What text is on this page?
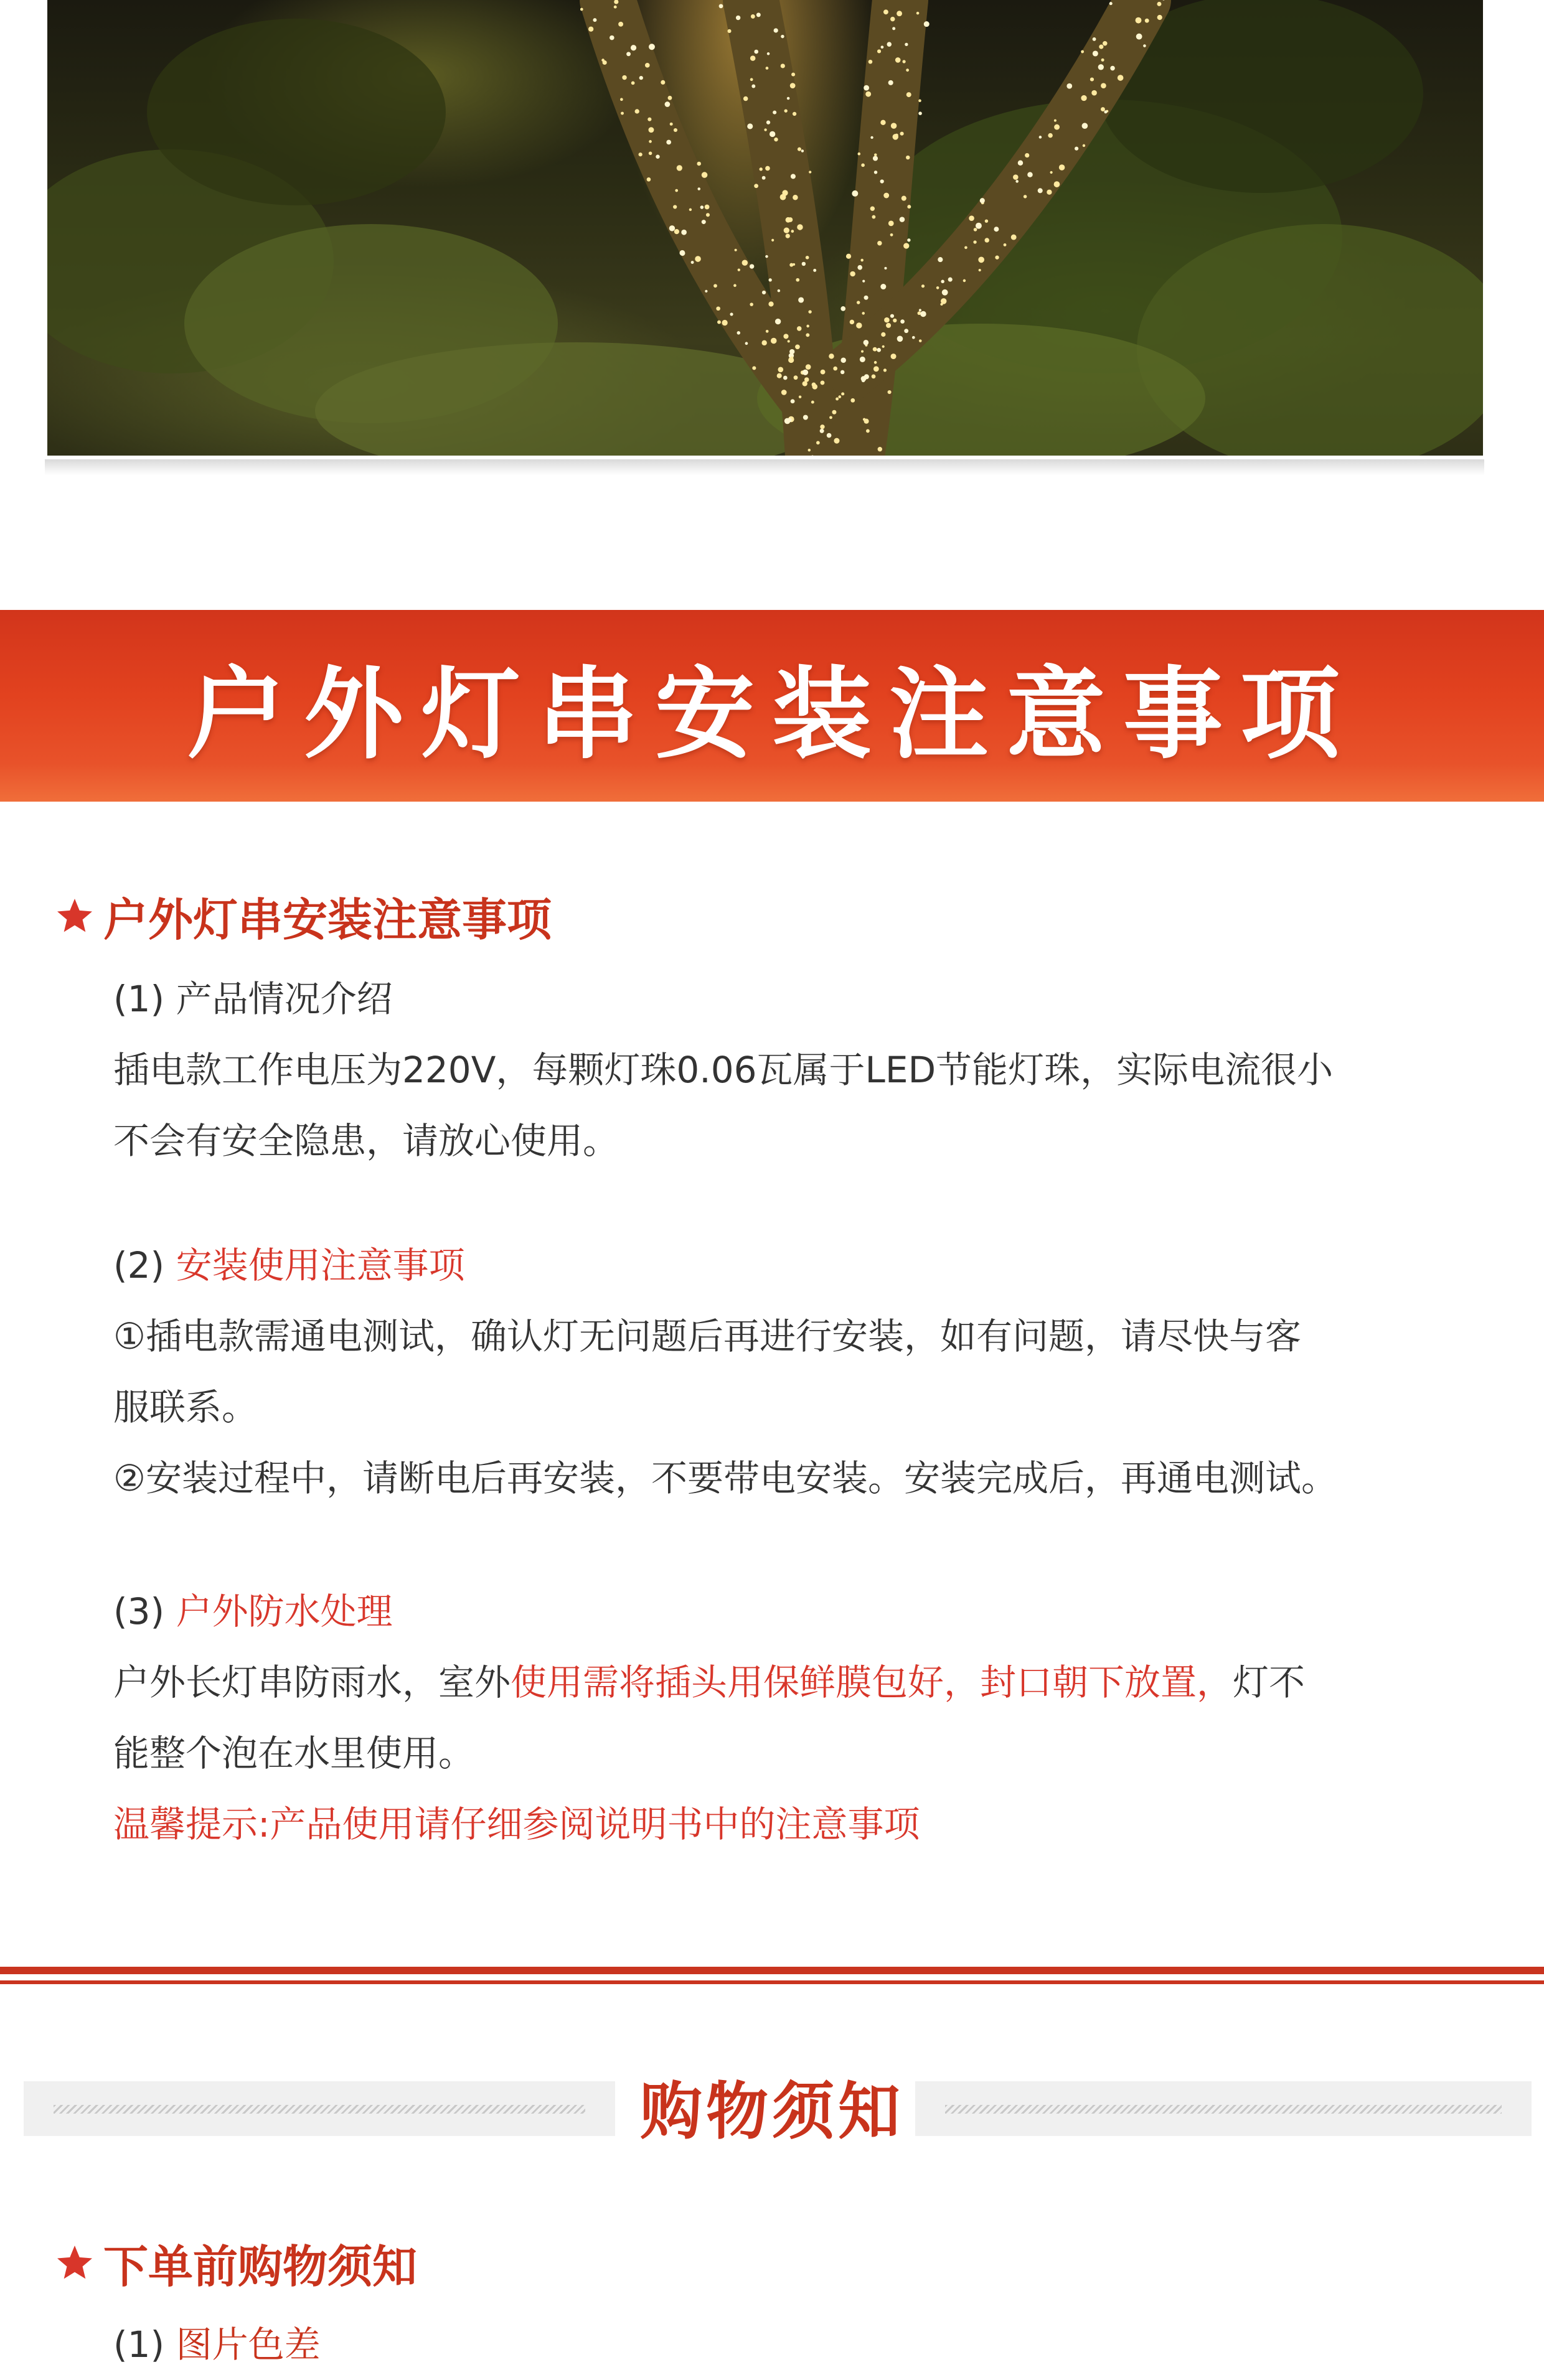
户外灯串安装注意事项
户外灯串安装注意事项
(1) 产品情况介绍
插电款工作电压为220V，每颗灯珠0.06瓦属于LED节能灯珠，实际电流很小
不会有安全隐患，请放心使用。
(2) 安装使用注意事项
①插电款需通电测试，确认灯无问题后再进行安装，如有问题，请尽快与客
服联系。
②安装过程中，请断电后再安装，不要带电安装。安装完成后，再通电测试。
(3) 户外防水处理
户外长灯串防雨水，室外使用需将插头用保鲜膜包好，封口朝下放置，灯不
能整个泡在水里使用。
温馨提示:产品使用请仔细参阅说明书中的注意事项
购物须知
下单前购物须知
(1) 图片色差
